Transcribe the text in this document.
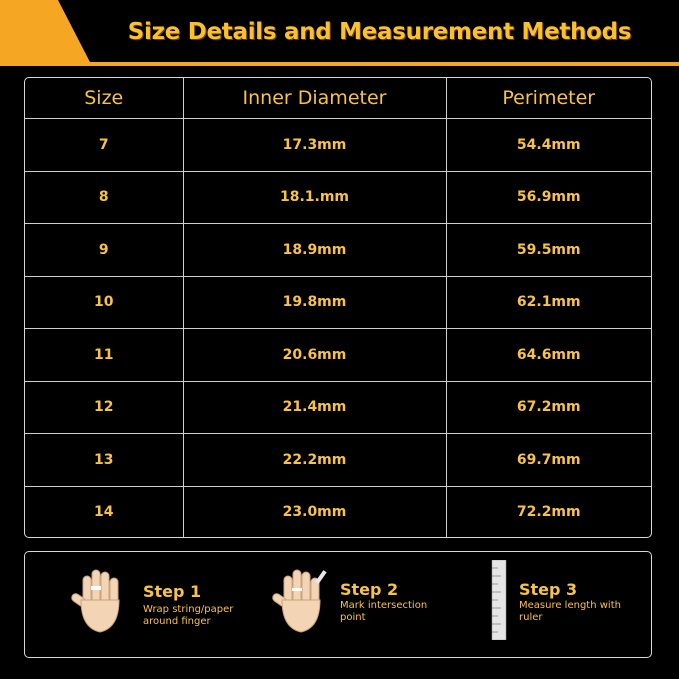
Size Details and Measurement Methods
Size	Inner Diameter	Perimeter
7	17.3mm	54.4mm
8	18.1.mm	56.9mm
9	18.9mm	59.5mm
10	19.8mm	62.1mm
11	20.6mm	64.6mm
12	21.4mm	67.2mm
13	22.2mm	69.7mm
14	23.0mm	72.2mm
Step 1
Wrap string/paper around finger
Step 2
Mark intersection point
Step 3
Measure length with ruler
